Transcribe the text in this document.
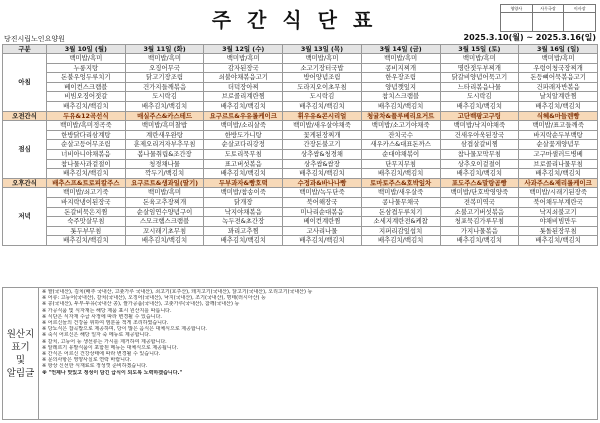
주간식단표	영양사	사무국장	이사장
당진시립노인요양원	2025.3.10(월) ~ 2025.3.16(일)
구분	3월 10일 (월)	3월 11일 (화)	3월 12일 (수)	3월 13일 (목)	3월 14일 (금)	3월 15일 (토)	3월 16일 (일)
아침	백미밥/흑미	백미밥/흑미	백미밥/흑미	백미밥/흑미	백미밥/흑미	백미밥/흑미	백미밥/흑미
	누룽지탕	오징어무국	감자된장국	소고기장터국밥	콩비지찌개	명란젓두부찌개	우렁이청국장찌개
	돈불우엉두루치기	닭고기장조림	쇠불야채볶음고기	방어양념조림	한우장조림	닭갈비양념어묵고기	돈등뼈어묵볶음고기
	베이컨스크램블	건가지들깨볶음	더덕장아찌	도라지오이초무침	양념깻잎지	느타리볶음나물	건파래자반볶음
	비빔오징어젓갈	도시락김	브로콜리계란찜	도시락김	참치스크램블	도시락김	날치알계란찜
	배추김치/백김치	배추김치/백김치	배추김치/백김치	배추김치/백김치	배추김치/백김치	배추김치/백김치	배추김치/백김치
오전간식	두유&12곡선식	매실주스&카스테드	요구르트&우유롤케이크	휘우유&콘시리얼	청귤차&플루베리요거트	고단백팡고구팅	식혜&마들렌빵
점심	백미밥/흑미정곡죽	백미밥/흑미찰밥	백미밥/소리살죽	백미밥/새우살야채죽	백미밥/소고기야채죽	백미밥/낙지야채죽	백미밥/표고들깨죽
	한방닭다리삼계탕	계란새우완탕	한방도가니탕	꽃게된장찌개	잔치국수	건새우아욱된장국	바지락순두부백탕
	순살고등어무조림	훈제오리겨자부추무침	순살코다리강정	간장돈불고기	새우카스&대표돈까스	삼겹살갈비찜	순살꽃게양념무
	너비아니야채볶음	봄나물취립&조간장	도토리묵무침	상추쌈&청경채	순대야채볶이	참나물꼬막무침	고구마샐러드병베
	참나물사과겉절이	청경채나물	표고버섯볶음	상추쌈&쌈장	단무지무침	상추오이겉절이	브로콜리나물무침
	배추김치/백김치	깍두기/백김치	배추김치/백김치	배추김치/백김치	배추김치/백김치	배추김치/백김치	배추김치/백김치
오후간식	배추스프&트로피칼주스	요구르트&생과일(딸기)	두부과자&빵호떡	수정과&바나나빵	토마토주스&호박잎차	포도주스&말랑곰빵	사과주스&제리롤케이크
저녁	백미밥/쇠고기죽	백미밥/흑미	백미밥/참송이죽	백미밥/녹두단죽	백미밥/새우살죽	백미밥/단호박영양죽	백미밥/시래기된장죽
	바지락냉이된장국	돈육고추장찌개	닭개장	북어해장국	콩나물무채국	전복미역국	북어채두부계란국
	돈갈비묵은지찜	순살임연수양념구이	낙지야채볶음	미나리순대볶음	돈삼겹두루치기	소불고기버섯볶음	낙지쇠불고기
	숙주맛살무침	스모크햄스크램블	녹두전&초간장	베이컨계란찜	소세지계란전&케찹	청포묵김가루무침	야채비빔만두
	톳두부무침	꼬시래기초무침	꽈리고추찜	고사리나물	지퍼리감잎섭치	가지나물볶음	톳돌된장무침
	배추김치/백김치	배추김치/백김치	배추김치/백김치	배추김치/백김치	배추김치/백김치	배추김치/백김치	배추김치/백김치
원산지
표기
및
알림글
※ 쌀(국내산), 김치(배추 국내산, 고춧가루 국내산), 쇠고기(호주산), 돼지고기(국내산), 닭고기(국내산), 오리고기(국내산) 등
※ 어류: 고등어(국내산), 갈치(국내산), 오징어(국내산), 낙지(국내산), 조기(국내산), 명태(러시아산) 등
※ 콩(국내산), 두부·두유(국내산 콩), 쌀가공품(국내산), 고춧가루(국내산), 참깨(국내산) 등
※ 가공식품 및 식자재는 해당 제품 표시 원산지를 따릅니다.
※ 식단은 식자재 수급 사정에 따라 변경될 수 있습니다.
※ 어르신들의 건강을 위하여 염분을 적게 조리하였습니다.
※ 당뇨식은 잡곡밥으로 제공하며, 당이 많은 음식은 대체식으로 제공합니다.
※ 죽식 어르신은 해당 일자 죽 메뉴로 제공합니다.
※ 갈치, 고등어 등 생선류는 가시를 제거하여 제공합니다.
※ 알레르기 유발식품이 포함된 메뉴는 대체식으로 제공됩니다.
※ 간식은 어르신 건강상태에 따라 변경될 수 있습니다.
※ 문의사항은 영양사실로 연락 바랍니다.
※ 항상 신선한 식재료로 정성껏 준비하겠습니다.
※ "언제나 맛있고 정성이 담긴 급식이 되도록 노력하겠습니다."
